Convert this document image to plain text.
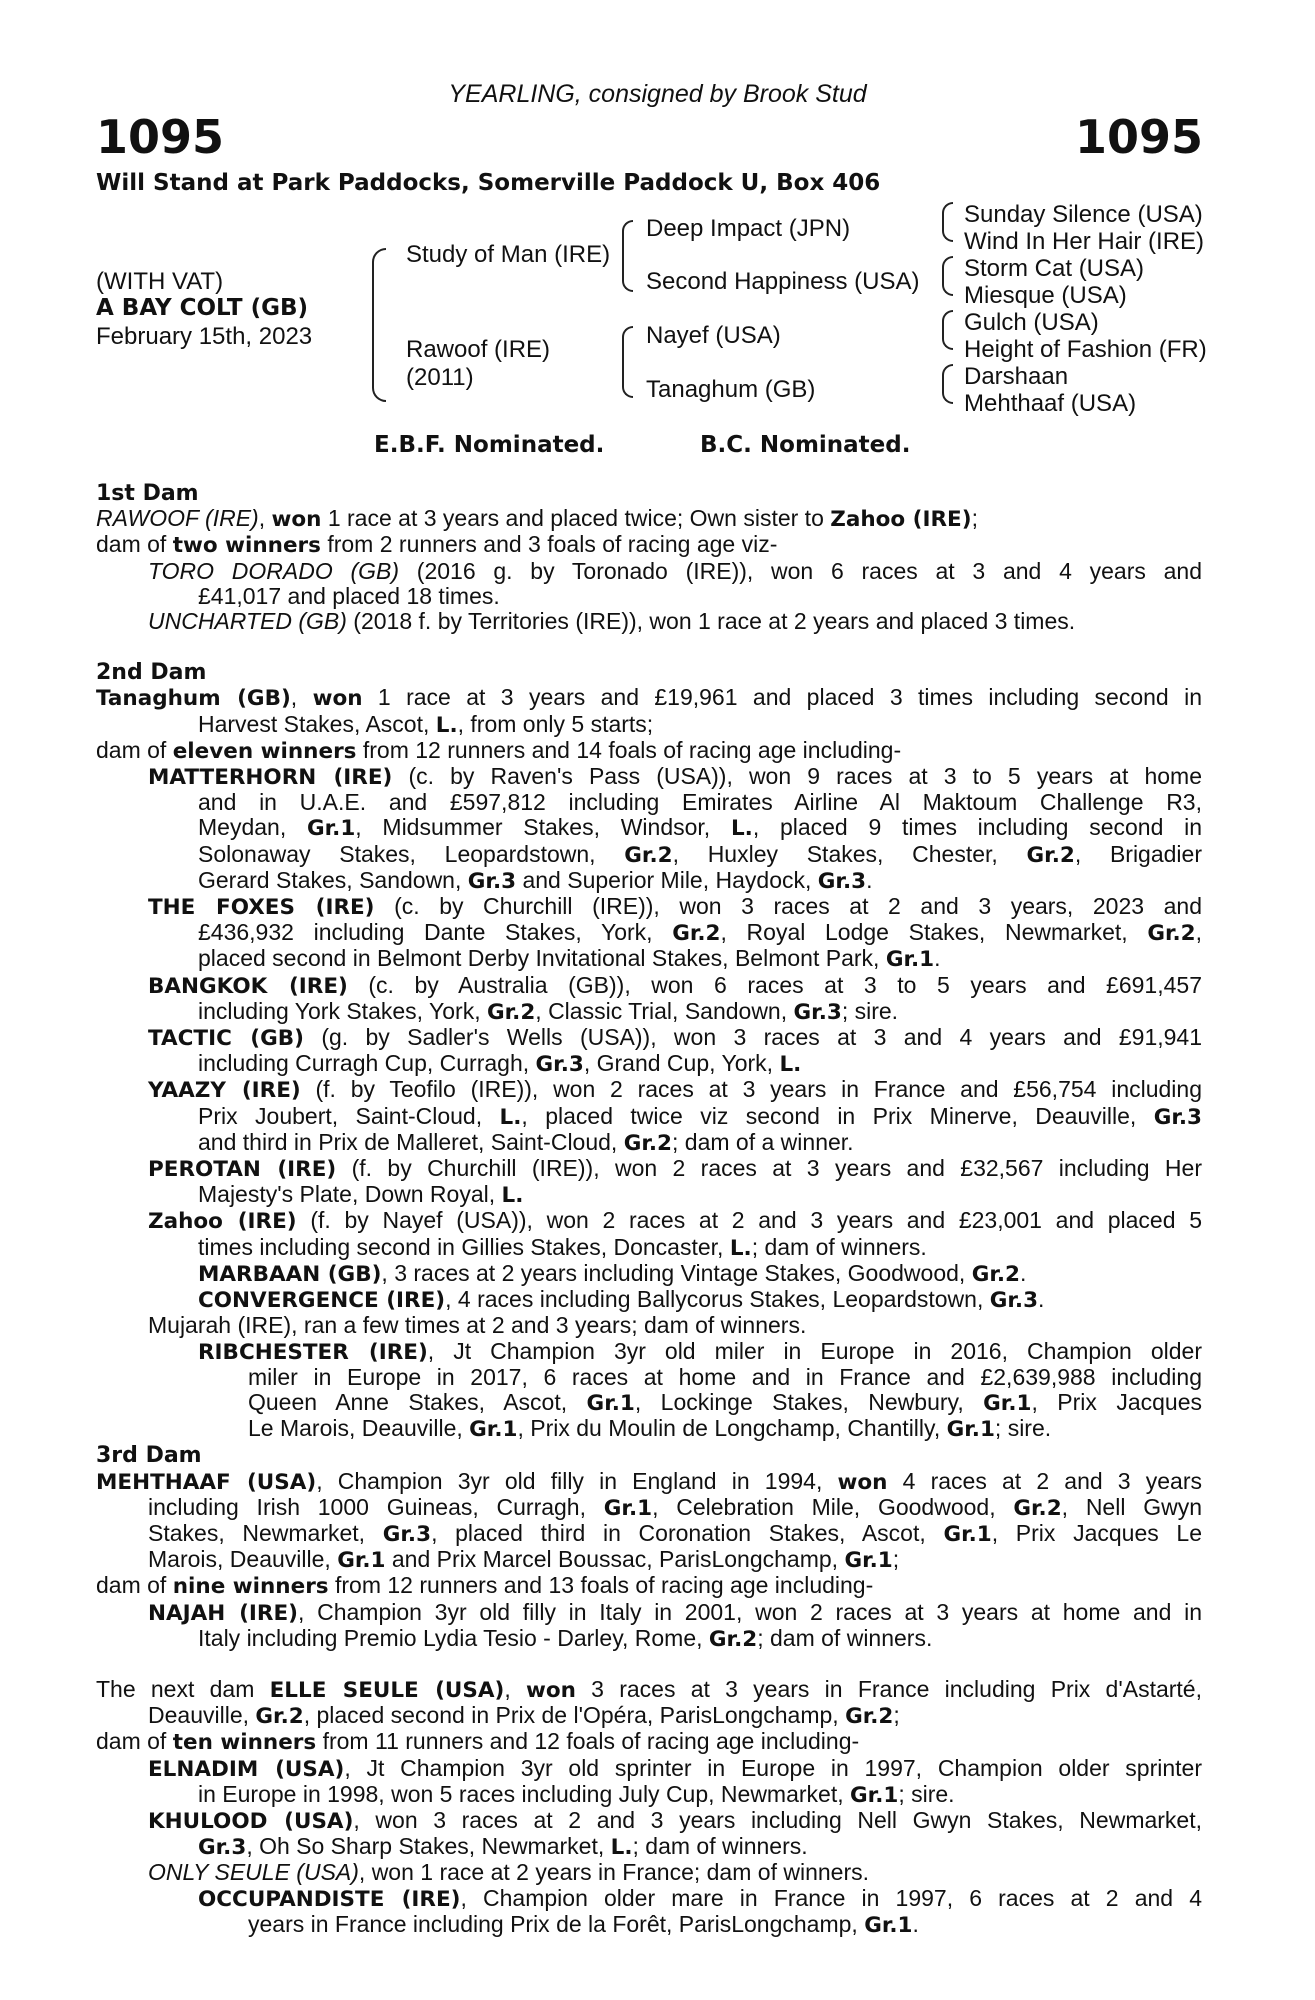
YEARLING, consigned by Brook Stud
1095	1095
Will Stand at Park Paddocks, Somerville Paddock U, Box 406
(WITH VAT)
A BAY COLT (GB)
February 15th, 2023
Study of Man (IRE)
Rawoof (IRE)
(2011)
Deep Impact (JPN)
Second Happiness (USA)
Nayef (USA)
Tanaghum (GB)
Sunday Silence (USA)
Wind In Her Hair (IRE)
Storm Cat (USA)
Miesque (USA)
Gulch (USA)
Height of Fashion (FR)
Darshaan
Mehthaaf (USA)
E.B.F. Nominated.	B.C. Nominated.
1st Dam
RAWOOF (IRE), won 1 race at 3 years and placed twice; Own sister to Zahoo (IRE);
dam of two winners from 2 runners and 3 foals of racing age viz-
TORO DORADO (GB) (2016 g. by Toronado (IRE)), won 6 races at 3 and 4 years and
£41,017 and placed 18 times.
UNCHARTED (GB) (2018 f. by Territories (IRE)), won 1 race at 2 years and placed 3 times.
2nd Dam
Tanaghum (GB), won 1 race at 3 years and £19,961 and placed 3 times including second in
Harvest Stakes, Ascot, L., from only 5 starts;
dam of eleven winners from 12 runners and 14 foals of racing age including-
MATTERHORN (IRE) (c. by Raven's Pass (USA)), won 9 races at 3 to 5 years at home
and in U.A.E. and £597,812 including Emirates Airline Al Maktoum Challenge R3,
Meydan, Gr.1, Midsummer Stakes, Windsor, L., placed 9 times including second in
Solonaway Stakes, Leopardstown, Gr.2, Huxley Stakes, Chester, Gr.2, Brigadier
Gerard Stakes, Sandown, Gr.3 and Superior Mile, Haydock, Gr.3.
THE FOXES (IRE) (c. by Churchill (IRE)), won 3 races at 2 and 3 years, 2023 and
£436,932 including Dante Stakes, York, Gr.2, Royal Lodge Stakes, Newmarket, Gr.2,
placed second in Belmont Derby Invitational Stakes, Belmont Park, Gr.1.
BANGKOK (IRE) (c. by Australia (GB)), won 6 races at 3 to 5 years and £691,457
including York Stakes, York, Gr.2, Classic Trial, Sandown, Gr.3; sire.
TACTIC (GB) (g. by Sadler's Wells (USA)), won 3 races at 3 and 4 years and £91,941
including Curragh Cup, Curragh, Gr.3, Grand Cup, York, L.
YAAZY (IRE) (f. by Teofilo (IRE)), won 2 races at 3 years in France and £56,754 including
Prix Joubert, Saint-Cloud, L., placed twice viz second in Prix Minerve, Deauville, Gr.3
and third in Prix de Malleret, Saint-Cloud, Gr.2; dam of a winner.
PEROTAN (IRE) (f. by Churchill (IRE)), won 2 races at 3 years and £32,567 including Her
Majesty's Plate, Down Royal, L.
Zahoo (IRE) (f. by Nayef (USA)), won 2 races at 2 and 3 years and £23,001 and placed 5
times including second in Gillies Stakes, Doncaster, L.; dam of winners.
MARBAAN (GB), 3 races at 2 years including Vintage Stakes, Goodwood, Gr.2.
CONVERGENCE (IRE), 4 races including Ballycorus Stakes, Leopardstown, Gr.3.
Mujarah (IRE), ran a few times at 2 and 3 years; dam of winners.
RIBCHESTER (IRE), Jt Champion 3yr old miler in Europe in 2016, Champion older
miler in Europe in 2017, 6 races at home and in France and £2,639,988 including
Queen Anne Stakes, Ascot, Gr.1, Lockinge Stakes, Newbury, Gr.1, Prix Jacques
Le Marois, Deauville, Gr.1, Prix du Moulin de Longchamp, Chantilly, Gr.1; sire.
3rd Dam
MEHTHAAF (USA), Champion 3yr old filly in England in 1994, won 4 races at 2 and 3 years
including Irish 1000 Guineas, Curragh, Gr.1, Celebration Mile, Goodwood, Gr.2, Nell Gwyn
Stakes, Newmarket, Gr.3, placed third in Coronation Stakes, Ascot, Gr.1, Prix Jacques Le
Marois, Deauville, Gr.1 and Prix Marcel Boussac, ParisLongchamp, Gr.1;
dam of nine winners from 12 runners and 13 foals of racing age including-
NAJAH (IRE), Champion 3yr old filly in Italy in 2001, won 2 races at 3 years at home and in
Italy including Premio Lydia Tesio - Darley, Rome, Gr.2; dam of winners.
The next dam ELLE SEULE (USA), won 3 races at 3 years in France including Prix d'Astarté,
Deauville, Gr.2, placed second in Prix de l'Opéra, ParisLongchamp, Gr.2;
dam of ten winners from 11 runners and 12 foals of racing age including-
ELNADIM (USA), Jt Champion 3yr old sprinter in Europe in 1997, Champion older sprinter
in Europe in 1998, won 5 races including July Cup, Newmarket, Gr.1; sire.
KHULOOD (USA), won 3 races at 2 and 3 years including Nell Gwyn Stakes, Newmarket,
Gr.3, Oh So Sharp Stakes, Newmarket, L.; dam of winners.
ONLY SEULE (USA), won 1 race at 2 years in France; dam of winners.
OCCUPANDISTE (IRE), Champion older mare in France in 1997, 6 races at 2 and 4
years in France including Prix de la Forêt, ParisLongchamp, Gr.1.
